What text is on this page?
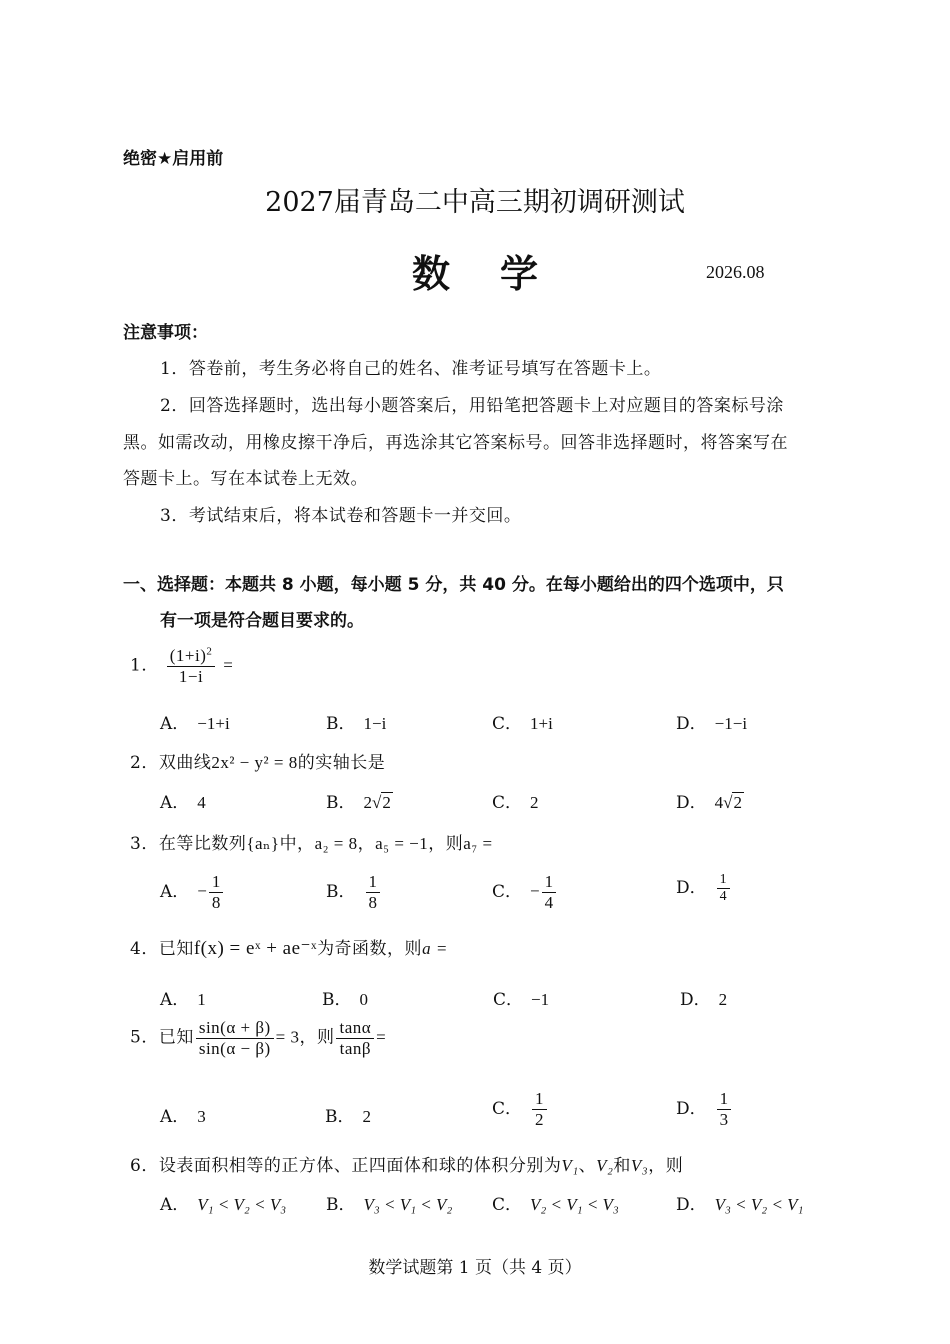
绝密★启用前
2027届青岛二中高三期初调研测试
数　学	2026.08
注意事项：
1．答卷前，考生务必将自己的姓名、准考证号填写在答题卡上。
2．回答选择题时，选出每小题答案后，用铅笔把答题卡上对应题目的答案标号涂
黑。如需改动，用橡皮擦干净后，再选涂其它答案标号。回答非选择题时，将答案写在
答题卡上。写在本试卷上无效。
3．考试结束后，将本试卷和答题卡一并交回。
一、选择题：本题共 8 小题，每小题 5 分，共 40 分。在每小题给出的四个选项中，只
有一项是符合题目要求的。
1． $\frac{(1+i)^2}{1-i}$ =
A． −1+i	B． 1−i	C． 1+i	D． −1−i
2．双曲线2x² − y² = 8的实轴长是
A． 4	B． 2√2	C． 2	D． 4√2
3．在等比数列{aₙ}中，a₂ = 8，a₅ = −1，则a₇ =
A． − $\frac{1}{8}$	B． $\frac{1}{8}$	C． − $\frac{1}{4}$	D． $\frac{1}{4}$
4．已知f(x) = eˣ + ae⁻ˣ为奇函数，则a =
A． 1	B． 0	C． −1	D． 2
5．已知 $\frac{\sin(\alpha + \beta)}{\sin(\alpha - \beta)} = 3$，则 $\frac{\tan\alpha}{\tan\beta}$ =
A． 3	B． 2	C． $\frac{1}{2}$	D． $\frac{1}{3}$
6．设表面积相等的正方体、正四面体和球的体积分别为V₁、V₂和V₃，则
A． V₁ < V₂ < V₃ B． V₃ < V₁ < V₂ C． V₂ < V₁ < V₃	D． V₃ < V₂ < V₁
数学试题第 1 页（共 4 页）
